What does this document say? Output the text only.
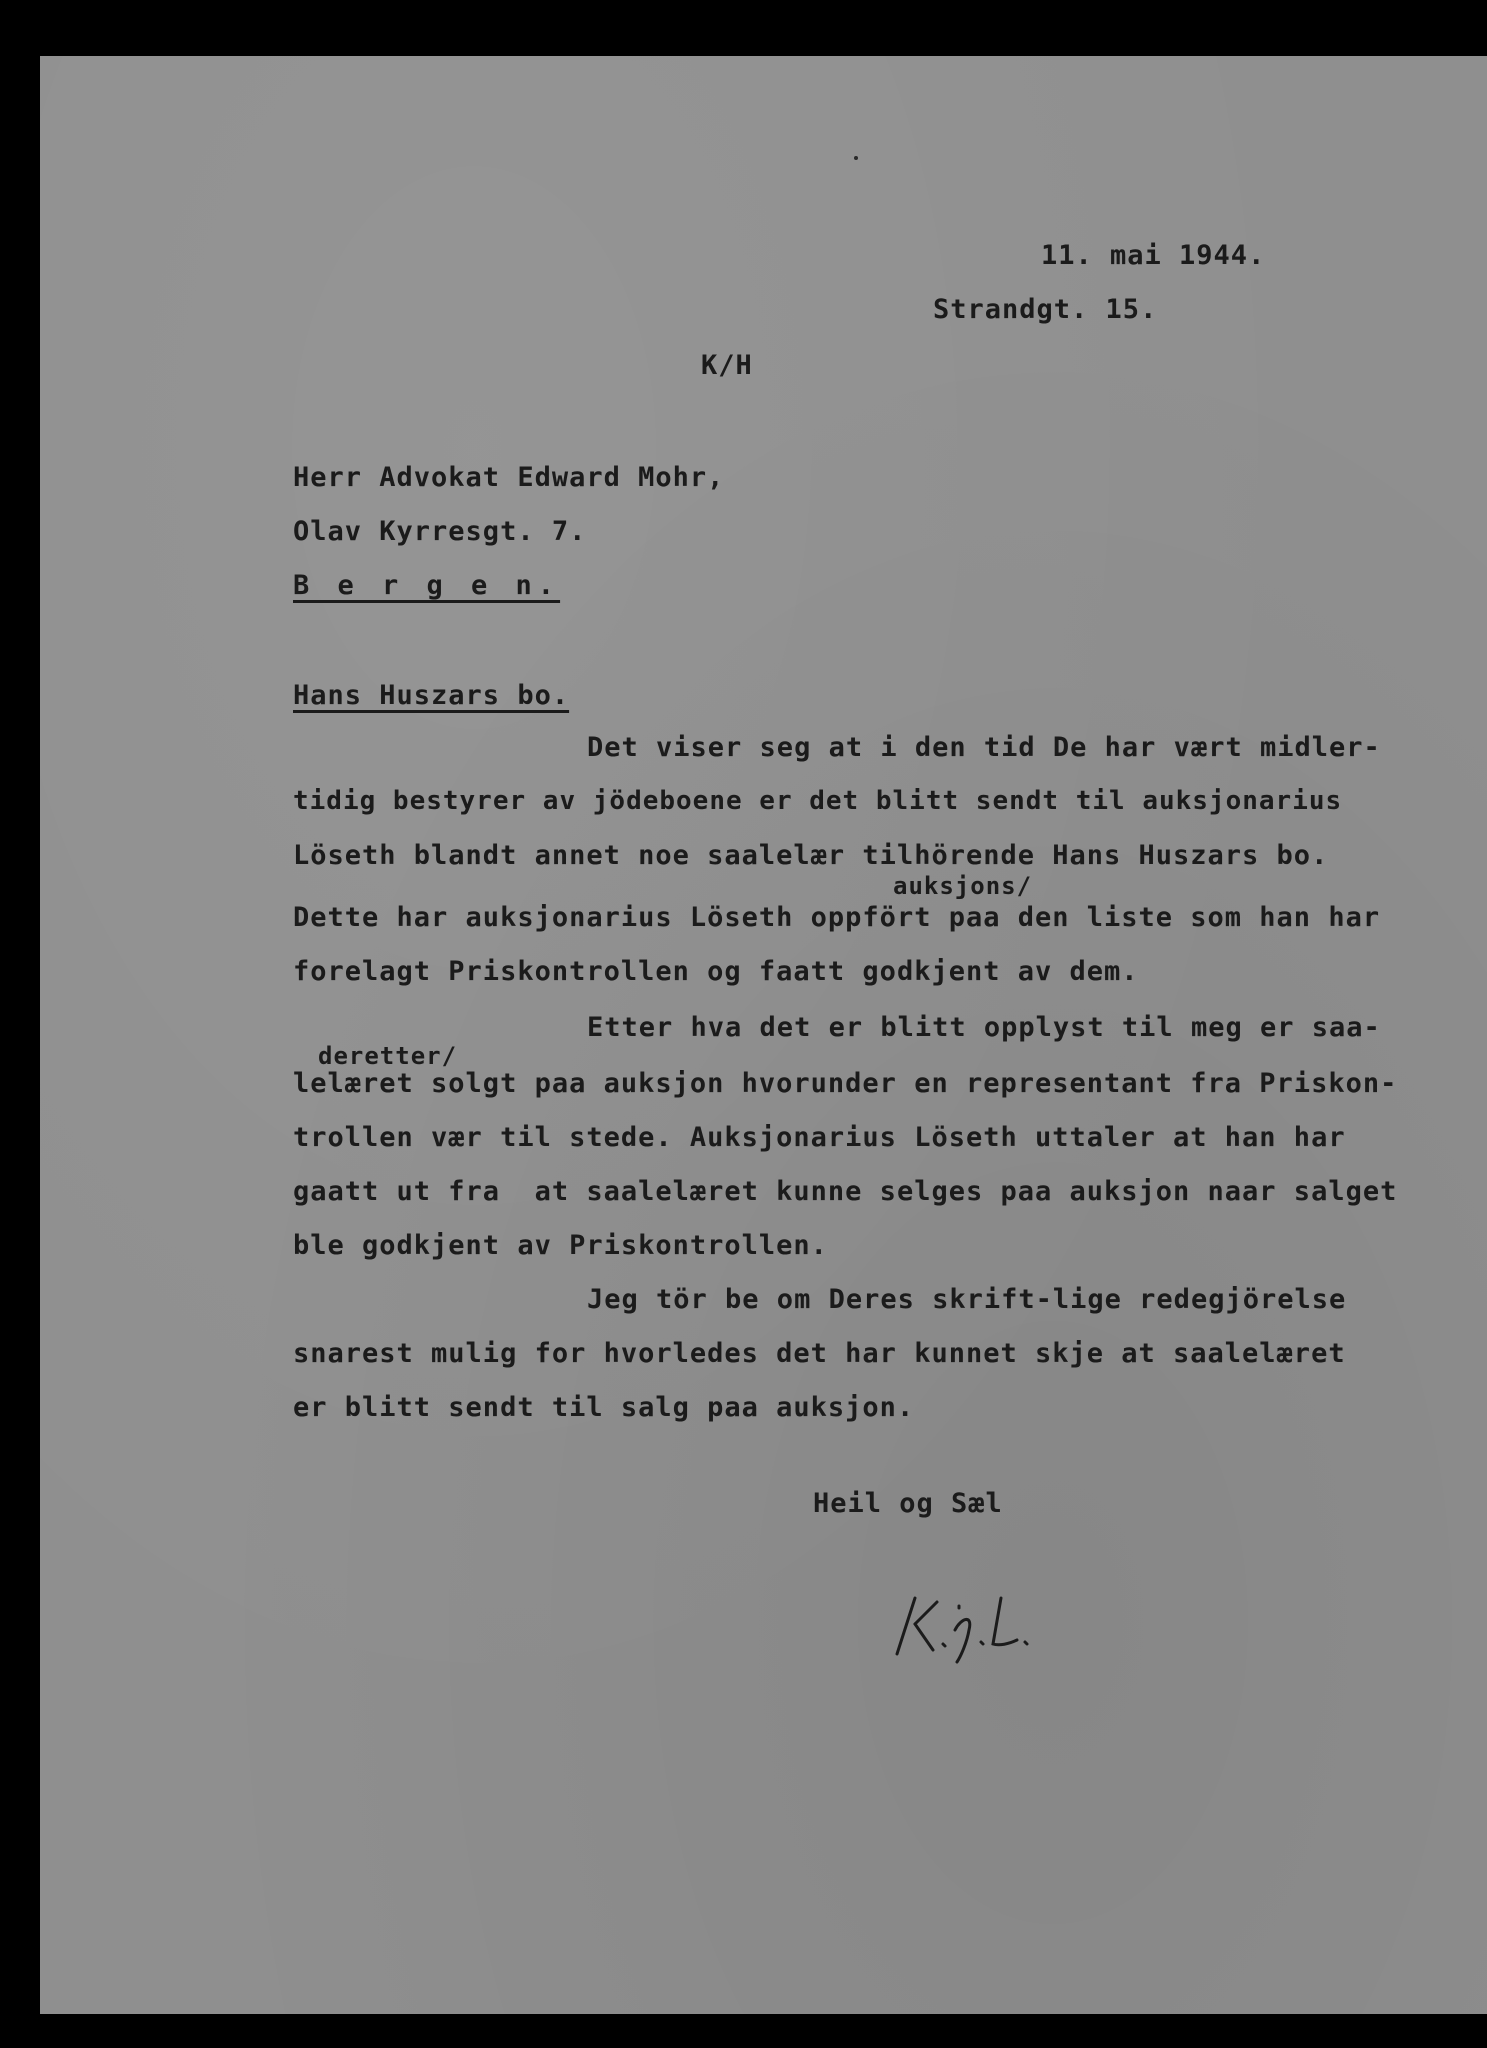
11. mai 1944.
Strandgt. 15.
K/H
Herr Advokat Edward Mohr,
Olav Kyrresgt. 7.
B e r g e n.
Hans Huszars bo.
Det viser seg at i den tid De har vært midler-
tidig bestyrer av jödeboene er det blitt sendt til auksjonarius
Löseth blandt annet noe saalelær tilhörende Hans Huszars bo.
auksjons/
Dette har auksjonarius Löseth oppfört paa den liste som han har
forelagt Priskontrollen og faatt godkjent av dem.
Etter hva det er blitt opplyst til meg er saa-
deretter/
lelæret solgt paa auksjon hvorunder en representant fra Priskon-
trollen vær til stede. Auksjonarius Löseth uttaler at han har
gaatt ut fra  at saalelæret kunne selges paa auksjon naar salget
ble godkjent av Priskontrollen.
Jeg tör be om Deres skrift-lige redegjörelse
snarest mulig for hvorledes det har kunnet skje at saalelæret
er blitt sendt til salg paa auksjon.
Heil og Sæl
